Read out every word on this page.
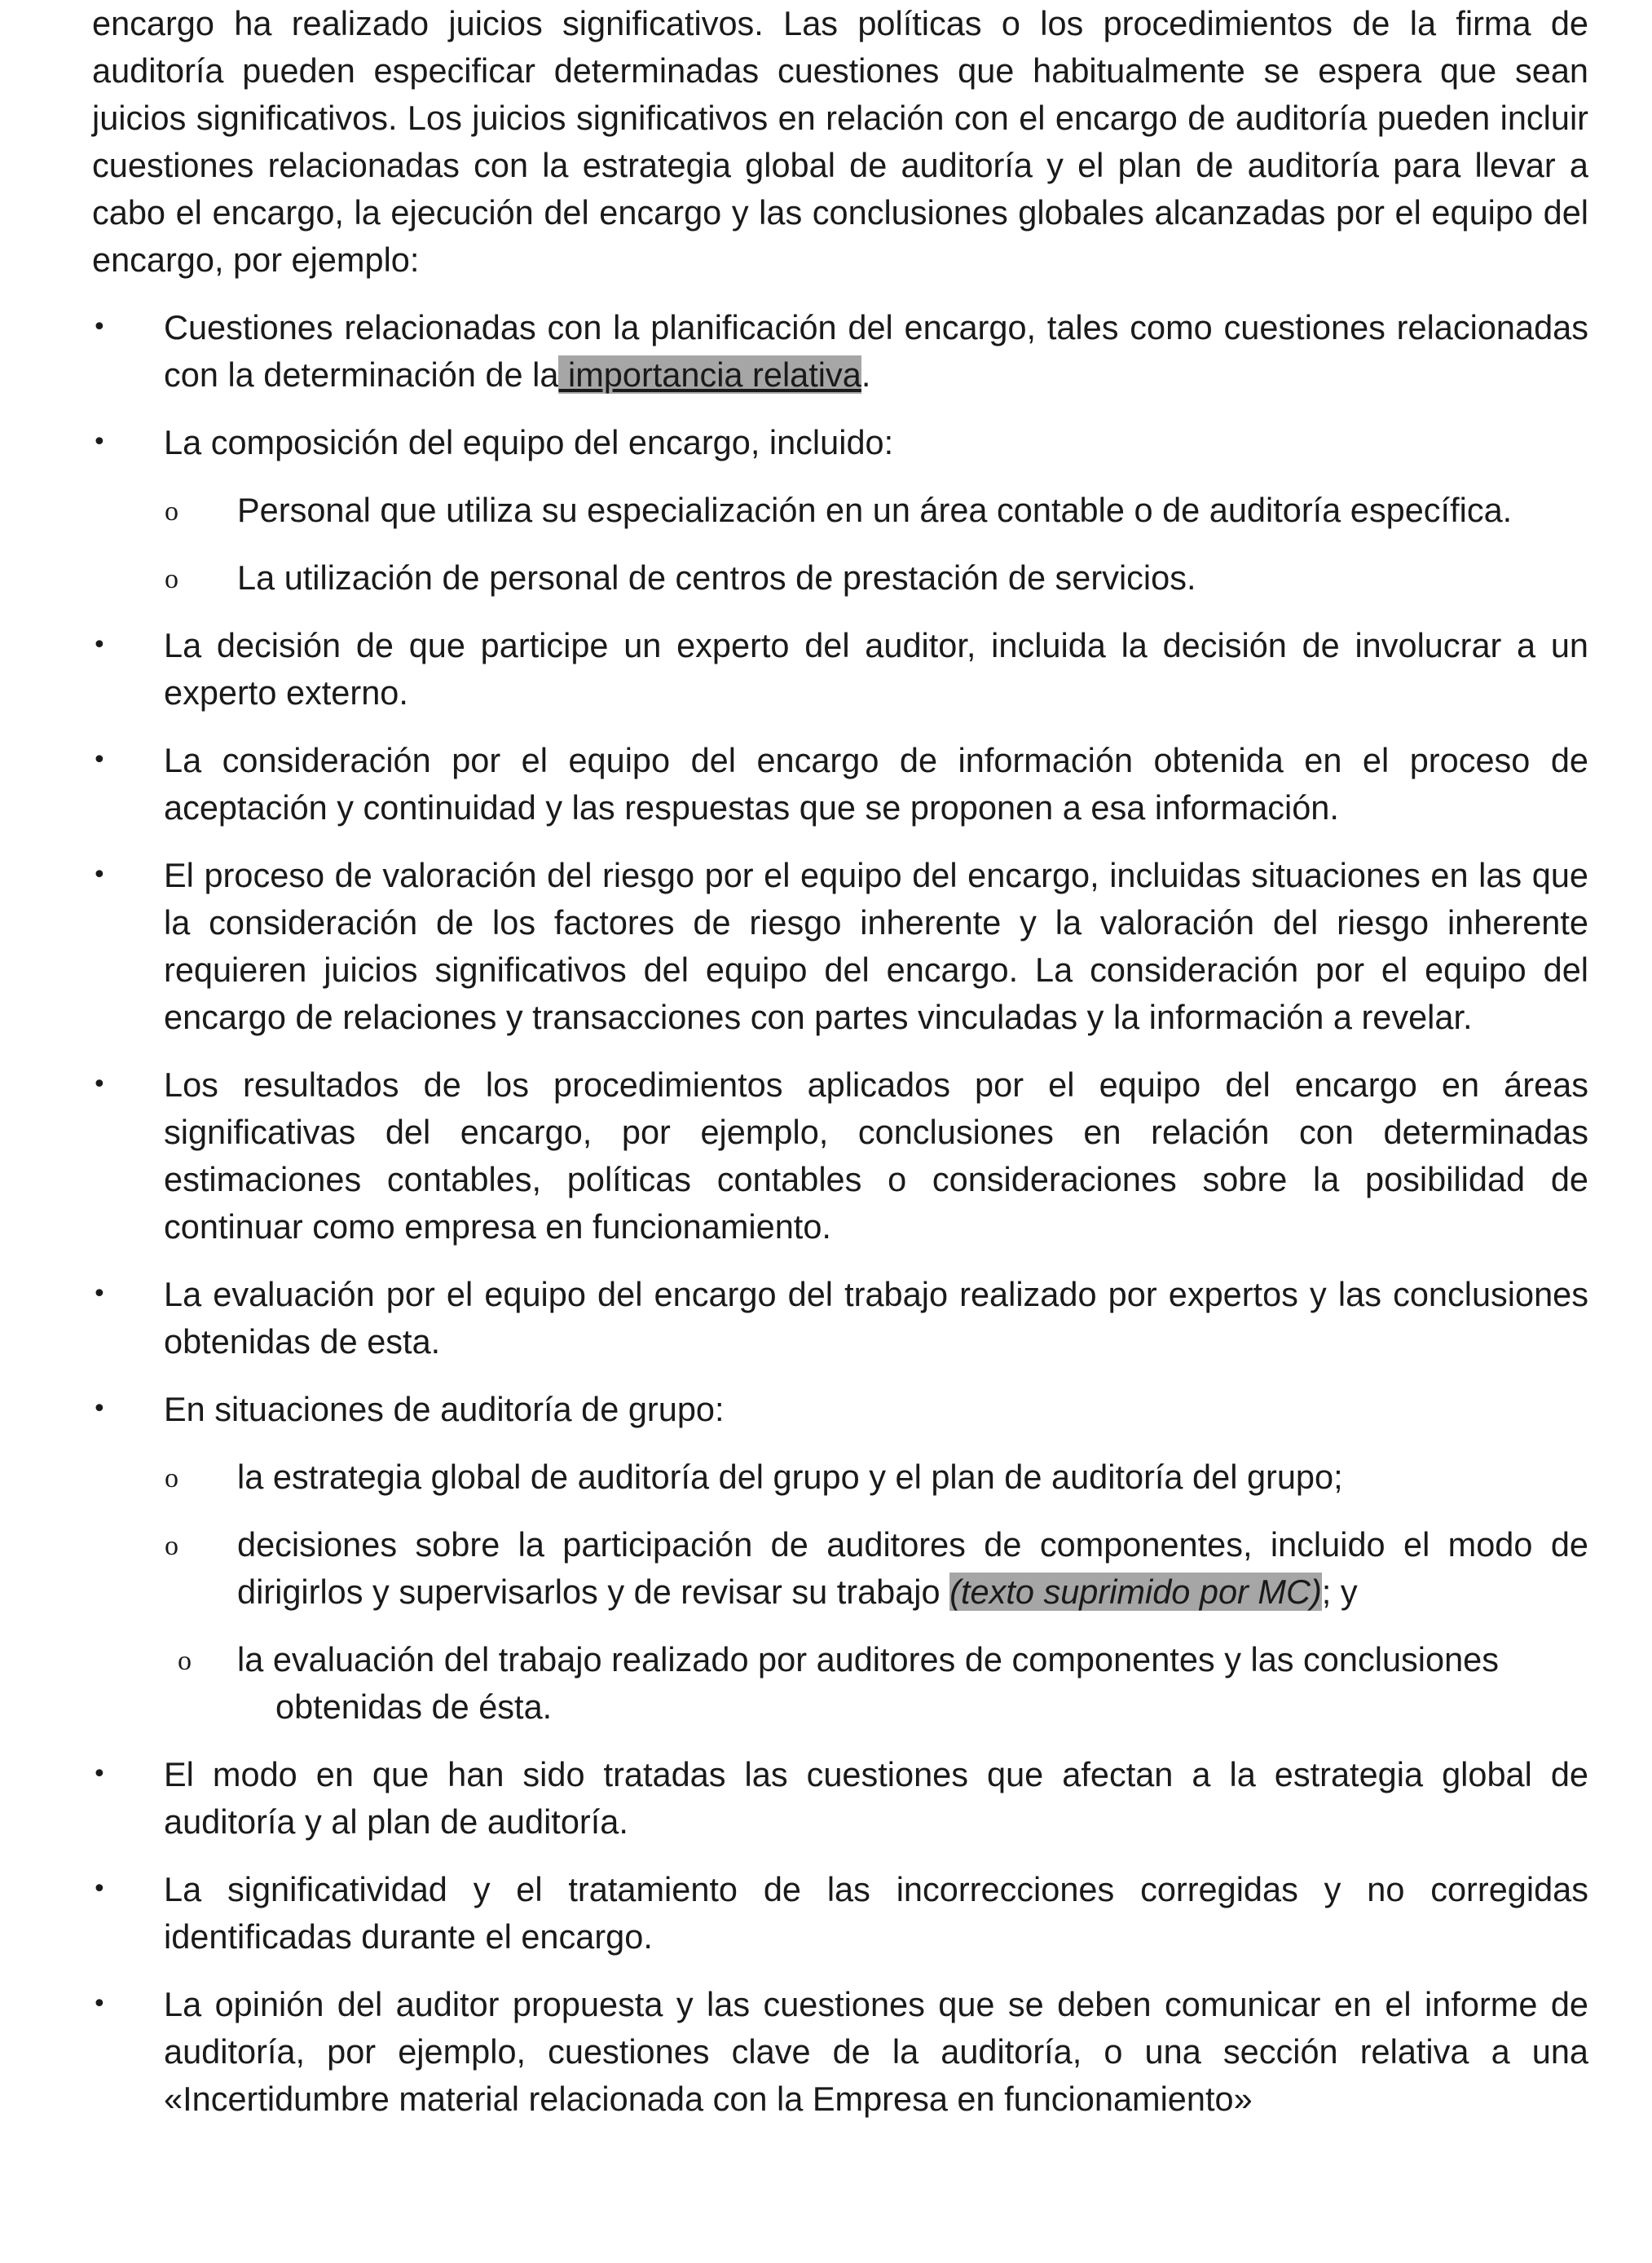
encargo ha realizado juicios significativos. Las políticas o los procedimientos de la firma de auditoría pueden especificar determinadas cuestiones que habitualmente se espera que sean juicios significativos. Los juicios significativos en relación con el encargo de auditoría pueden incluir cuestiones relacionadas con la estrategia global de auditoría y el plan de auditoría para llevar a cabo el encargo, la ejecución del encargo y las conclusiones globales alcanzadas por el equipo del encargo, por ejemplo:

• Cuestiones relacionadas con la planificación del encargo, tales como cuestiones relacionadas con la determinación de la importancia relativa.
• La composición del equipo del encargo, incluido:
o Personal que utiliza su especialización en un área contable o de auditoría específica.
o La utilización de personal de centros de prestación de servicios.
• La decisión de que participe un experto del auditor, incluida la decisión de involucrar a un experto externo.
• La consideración por el equipo del encargo de información obtenida en el proceso de aceptación y continuidad y las respuestas que se proponen a esa información.
• El proceso de valoración del riesgo por el equipo del encargo, incluidas situaciones en las que la consideración de los factores de riesgo inherente y la valoración del riesgo inherente requieren juicios significativos del equipo del encargo. La consideración por el equipo del encargo de relaciones y transacciones con partes vinculadas y la información a revelar.
• Los resultados de los procedimientos aplicados por el equipo del encargo en áreas significativas del encargo, por ejemplo, conclusiones en relación con determinadas estimaciones contables, políticas contables o consideraciones sobre la posibilidad de continuar como empresa en funcionamiento.
• La evaluación por el equipo del encargo del trabajo realizado por expertos y las conclusiones obtenidas de esta.
• En situaciones de auditoría de grupo:
o la estrategia global de auditoría del grupo y el plan de auditoría del grupo;
o decisiones sobre la participación de auditores de componentes, incluido el modo de dirigirlos y supervisarlos y de revisar su trabajo (texto suprimido por MC); y
o la evaluación del trabajo realizado por auditores de componentes y las conclusiones
obtenidas de ésta.
• El modo en que han sido tratadas las cuestiones que afectan a la estrategia global de auditoría y al plan de auditoría.
• La significatividad y el tratamiento de las incorrecciones corregidas y no corregidas identificadas durante el encargo.
• La opinión del auditor propuesta y las cuestiones que se deben comunicar en el informe de auditoría, por ejemplo, cuestiones clave de la auditoría, o una sección relativa a una «Incertidumbre material relacionada con la Empresa en funcionamiento»
